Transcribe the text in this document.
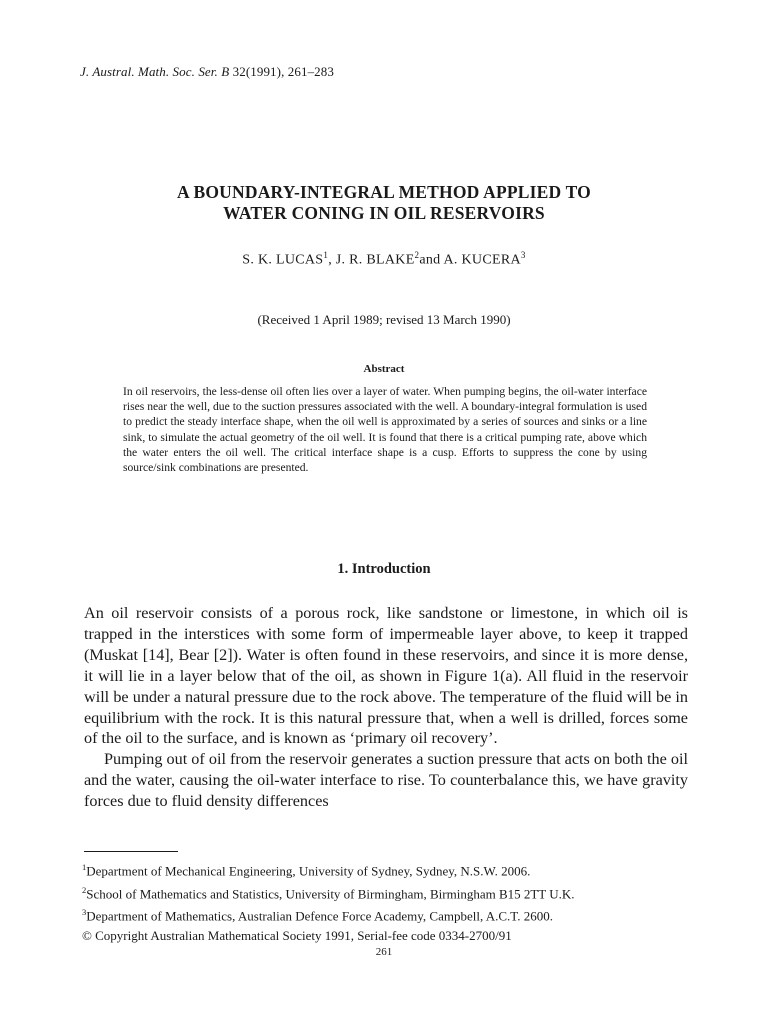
J. Austral. Math. Soc. Ser. B 32(1991), 261–283
A BOUNDARY-INTEGRAL METHOD APPLIED TO
WATER CONING IN OIL RESERVOIRS
S. K. LUCAS$^1$, J. R. BLAKE$^2$and A. KUCERA$^3$
(Received 1 April 1989; revised 13 March 1990)
Abstract
In oil reservoirs, the less-dense oil often lies over a layer of water. When pumping begins, the oil-water interface rises near the well, due to the suction pressures associated with the well. A boundary-integral formulation is used to predict the steady interface shape, when the oil well is approximated by a series of sources and sinks or a line sink, to simulate the actual geometry of the oil well. It is found that there is a critical pumping rate, above which the water enters the oil well. The critical interface shape is a cusp. Efforts to suppress the cone by using source/sink combinations are presented.
1. Introduction

An oil reservoir consists of a porous rock, like sandstone or limestone, in which oil is trapped in the interstices with some form of impermeable layer above, to keep it trapped (Muskat [14], Bear [2]). Water is often found in these reservoirs, and since it is more dense, it will lie in a layer below that of the oil, as shown in Figure 1(a). All fluid in the reservoir will be under a natural pressure due to the rock above. The temperature of the fluid will be in equilibrium with the rock. It is this natural pressure that, when a well is drilled, forces some of the oil to the surface, and is known as ‘primary oil recovery’.

Pumping out of oil from the reservoir generates a suction pressure that acts on both the oil and the water, causing the oil-water interface to rise. To counterbalance this, we have gravity forces due to fluid density differences

$^1$Department of Mechanical Engineering, University of Sydney, Sydney, N.S.W. 2006.
$^2$School of Mathematics and Statistics, University of Birmingham, Birmingham B15 2TT U.K.
$^3$Department of Mathematics, Australian Defence Force Academy, Campbell, A.C.T. 2600.
© Copyright Australian Mathematical Society 1991, Serial-fee code 0334-2700/91
261
